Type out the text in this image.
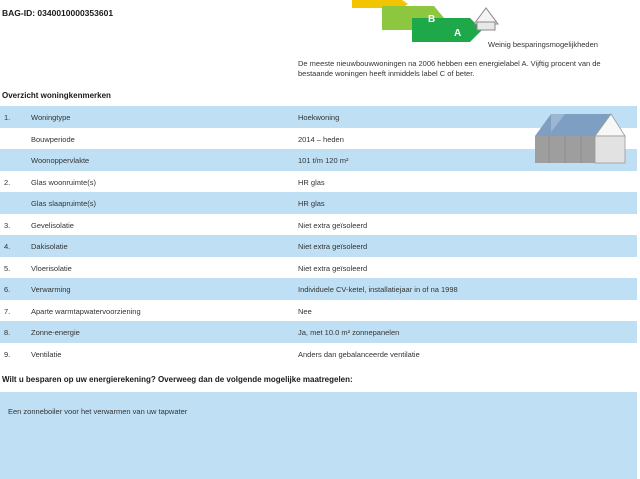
BAG-ID: 0340010000353601
B
A
Weinig besparingsmogelijkheden
De meeste nieuwbouwwoningen na 2006 hebben een energielabel A. Vijftig procent van de bestaande woningen heeft inmiddels label C of beter.
Overzicht woningkenmerken
1.	Woningtype	Hoekwoning
Bouwperiode	2014 – heden
Woonoppervlakte	101 t/m 120 m²
2.	Glas woonruimte(s)	HR glas
Glas slaapruimte(s)	HR glas
3.	Gevelisolatie	Niet extra geïsoleerd
4.	Dakisolatie	Niet extra geïsoleerd
5.	Vloerisolatie	Niet extra geïsoleerd
6.	Verwarming	Individuele CV-ketel, installatiejaar in of na 1998
7.	Aparte warmtapwatervoorziening	Nee
8.	Zonne-energie	Ja, met 10.0 m² zonnepanelen
9.	Ventilatie	Anders dan gebalanceerde ventilatie
Wilt u besparen op uw energierekening? Overweeg dan de volgende mogelijke maatregelen:
Een zonneboiler voor het verwarmen van uw tapwater
